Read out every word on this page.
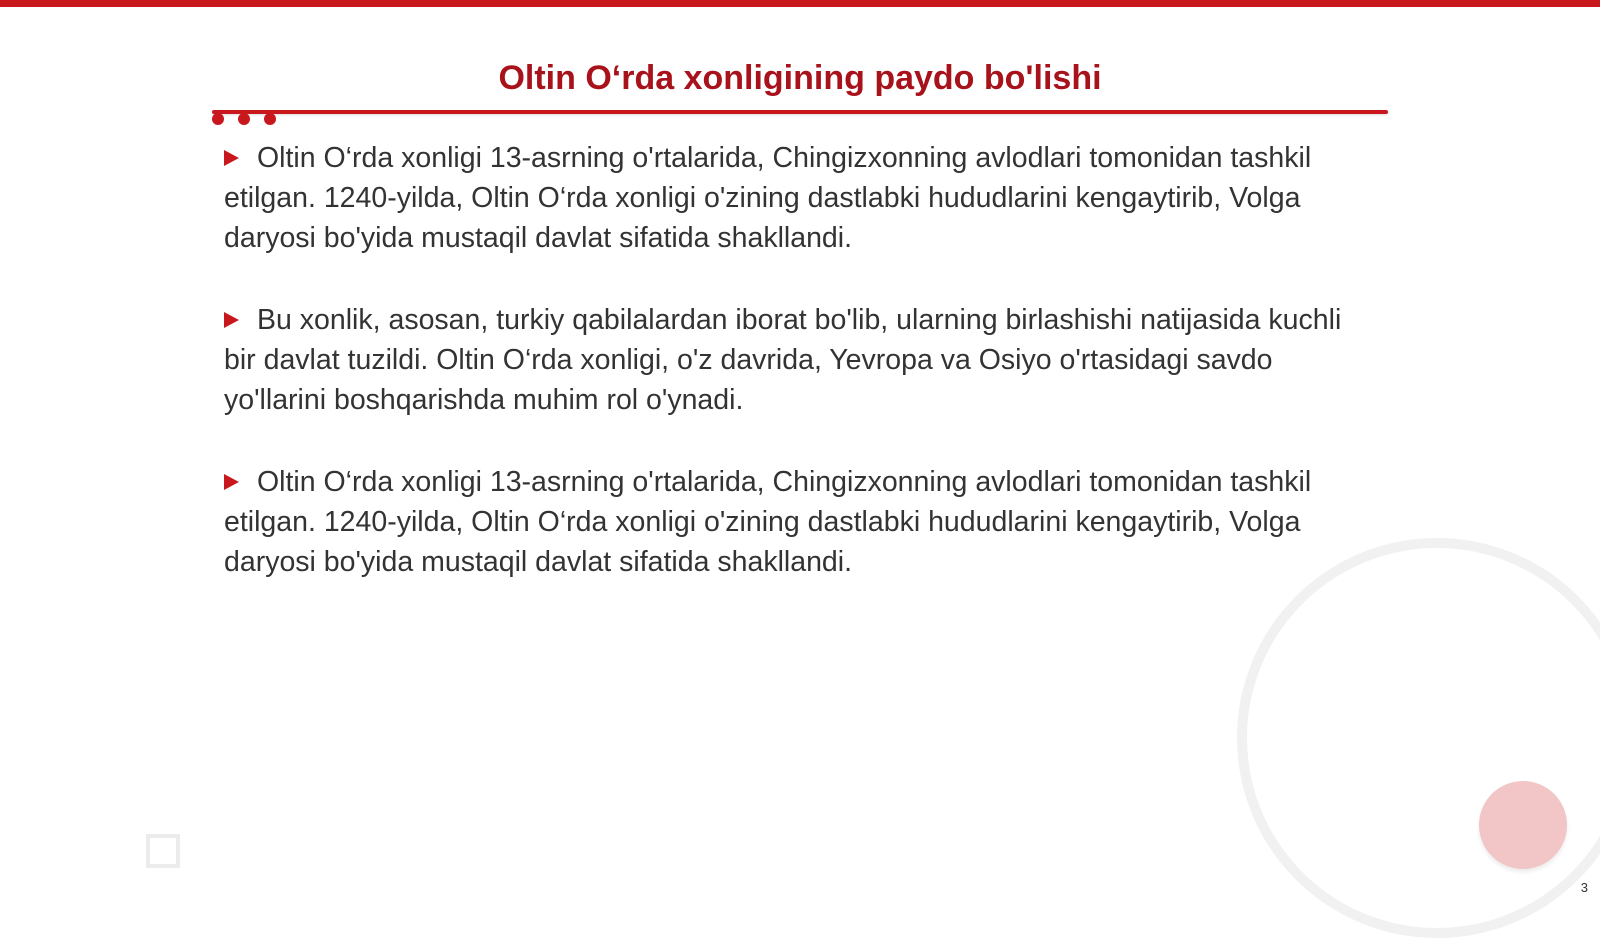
Oltin O‘rda xonligining paydo bo'lishi

Oltin O‘rda xonligi 13-asrning o'rtalarida, Chingizxonning avlodlari tomonidan tashkil etilgan. 1240-yilda, Oltin O‘rda xonligi o'zining dastlabki hududlarini kengaytirib, Volga daryosi bo'yida mustaqil davlat sifatida shakllandi.

Bu xonlik, asosan, turkiy qabilalardan iborat bo'lib, ularning birlashishi natijasida kuchli bir davlat tuzildi. Oltin O‘rda xonligi, o'z davrida, Yevropa va Osiyo o'rtasidagi savdo yo'llarini boshqarishda muhim rol o'ynadi.

Oltin O‘rda xonligi 13-asrning o'rtalarida, Chingizxonning avlodlari tomonidan tashkil etilgan. 1240-yilda, Oltin O‘rda xonligi o'zining dastlabki hududlarini kengaytirib, Volga daryosi bo'yida mustaqil davlat sifatida shakllandi.

3
